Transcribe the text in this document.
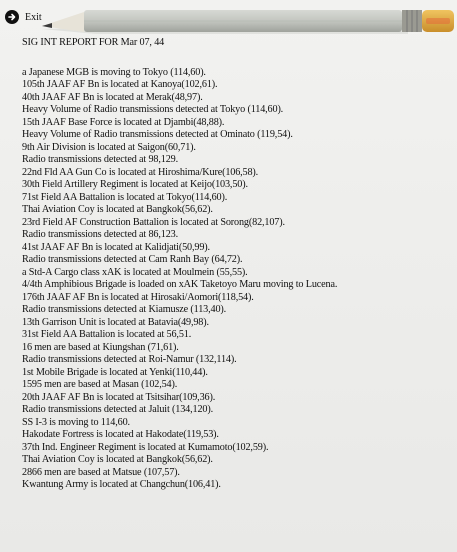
Exit
SIG INT REPORT FOR Mar 07, 44
a Japanese MGB is moving to Tokyo (114,60).
105th JAAF AF Bn is located at Kanoya(102,61).
40th JAAF AF Bn is located at Merak(48,97).
Heavy Volume of Radio transmissions detected at Tokyo (114,60).
15th JAAF Base Force is located at Djambi(48,88).
Heavy Volume of Radio transmissions detected at Ominato (119,54).
9th Air Division is located at Saigon(60,71).
Radio transmissions detected at 98,129.
22nd Fld AA Gun Co is located at Hiroshima/Kure(106,58).
30th Field Artillery Regiment is located at Keijo(103,50).
71st Field AA Battalion is located at Tokyo(114,60).
Thai Aviation Coy is located at Bangkok(56,62).
23rd Field AF Construction Battalion is located at Sorong(82,107).
Radio transmissions detected at 86,123.
41st JAAF AF Bn is located at Kalidjati(50,99).
Radio transmissions detected at Cam Ranh Bay (64,72).
a Std-A Cargo class xAK is located at Moulmein (55,55).
4/4th Amphibious Brigade is loaded on xAK Taketoyo Maru moving to Lucena.
176th JAAF AF Bn is located at Hirosaki/Aomori(118,54).
Radio transmissions detected at Kiamusze (113,40).
13th Garrison Unit is located at Batavia(49,98).
31st Field AA Battalion is located at 56,51.
16 men are based at Kiungshan (71,61).
Radio transmissions detected at Roi-Namur (132,114).
1st Mobile Brigade is located at Yenki(110,44).
1595 men are based at Masan (102,54).
20th JAAF AF Bn is located at Tsitsihar(109,36).
Radio transmissions detected at Jaluit (134,120).
SS I-3 is moving to 114,60.
Hakodate Fortress is located at Hakodate(119,53).
37th Ind. Engineer Regiment is located at Kumamoto(102,59).
Thai Aviation Coy is located at Bangkok(56,62).
2866 men are based at Matsue (107,57).
Kwantung Army is located at Changchun(106,41).
